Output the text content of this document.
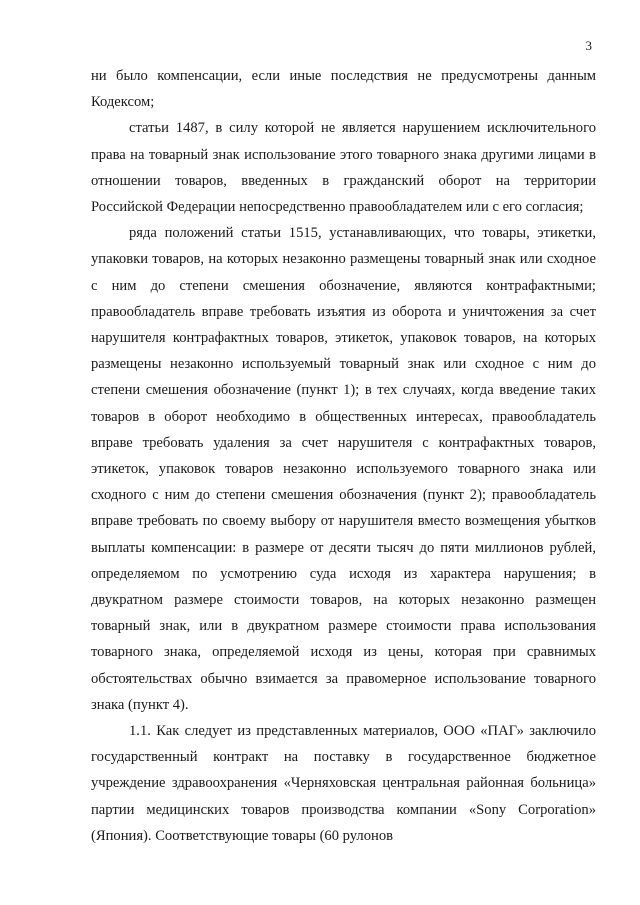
3

ни было компенсации, если иные последствия не предусмотрены данным Кодексом;

статьи 1487, в силу которой не является нарушением исключительного права на товарный знак использование этого товарного знака другими лицами в отношении товаров, введенных в гражданский оборот на территории Российской Федерации непосредственно правообладателем или с его согласия;

ряда положений статьи 1515, устанавливающих, что товары, этикетки, упаковки товаров, на которых незаконно размещены товарный знак или сходное с ним до степени смешения обозначение, являются контрафактными; правообладатель вправе требовать изъятия из оборота и уничтожения за счет нарушителя контрафактных товаров, этикеток, упаковок товаров, на которых размещены незаконно используемый товарный знак или сходное с ним до степени смешения обозначение (пункт 1); в тех случаях, когда введение таких товаров в оборот необходимо в общественных интересах, правообладатель вправе требовать удаления за счет нарушителя с контрафактных товаров, этикеток, упаковок товаров незаконно используемого товарного знака или сходного с ним до степени смешения обозначения (пункт 2); правообладатель вправе требовать по своему выбору от нарушителя вместо возмещения убытков выплаты компенсации: в размере от десяти тысяч до пяти миллионов рублей, определяемом по усмотрению суда исходя из характера нарушения; в двукратном размере стоимости товаров, на которых незаконно размещен товарный знак, или в двукратном размере стоимости права использования товарного знака, определяемой исходя из цены, которая при сравнимых обстоятельствах обычно взимается за правомерное использование товарного знака (пункт 4).

1.1. Как следует из представленных материалов, ООО «ПАГ» заключило государственный контракт на поставку в государственное бюджетное учреждение здравоохранения «Черняховская центральная районная больница» партии медицинских товаров производства компании «Sony Corporation» (Япония). Соответствующие товары (60 рулонов
